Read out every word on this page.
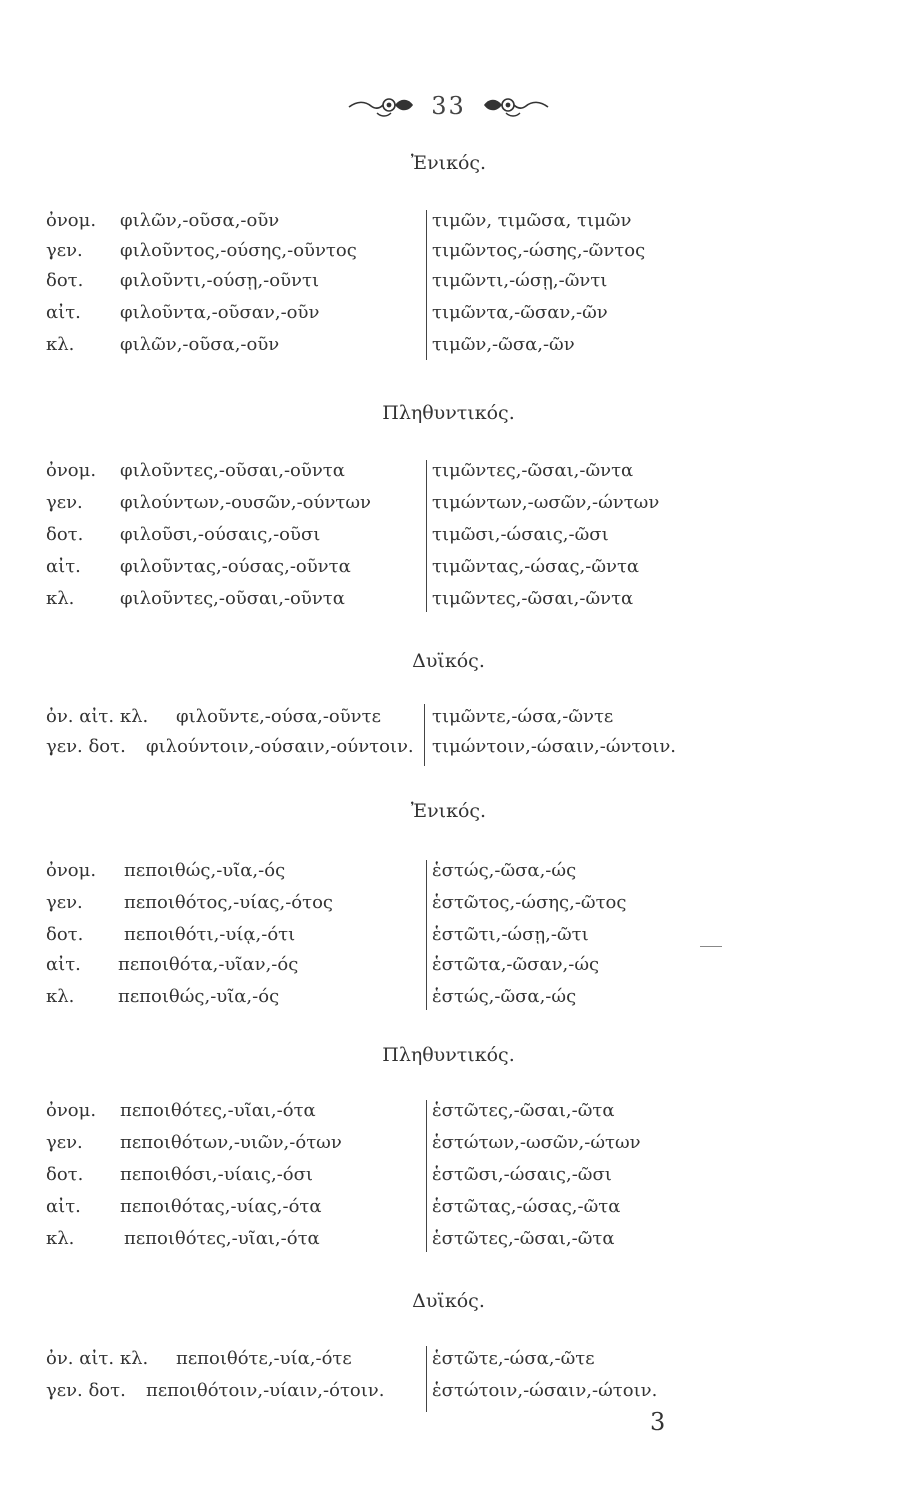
33
Ἐνικός.
ὀνομ. φιλῶν,-οῦσα,-οῦν	τιμῶν, τιμῶσα, τιμῶν
γεν. φιλοῦντος,-ούσης,-οῦντος	τιμῶντος,-ώσης,-ῶντος
δοτ. φιλοῦντι,-ούσῃ,-οῦντι	τιμῶντι,-ώσῃ,-ῶντι
αἰτ. φιλοῦντα,-οῦσαν,-οῦν	τιμῶντα,-ῶσαν,-ῶν
κλ.	φιλῶν,-οῦσα,-οῦν	τιμῶν,-ῶσα,-ῶν
Πληθυντικός.
ὀνομ. φιλοῦντες,-οῦσαι,-οῦντα	τιμῶντες,-ῶσαι,-ῶντα
γεν. φιλούντων,-ουσῶν,-ούντων	τιμώντων,-ωσῶν,-ώντων
δοτ. φιλοῦσι,-ούσαις,-οῦσι	τιμῶσι,-ώσαις,-ῶσι
αἰτ. φιλοῦντας,-ούσας,-οῦντα	τιμῶντας,-ώσας,-ῶντα
κλ.	φιλοῦντες,-οῦσαι,-οῦντα	τιμῶντες,-ῶσαι,-ῶντα
Δυϊκός.
ὀν. αἰτ. κλ. φιλοῦντε,-ούσα,-οῦντε	τιμῶντε,-ώσα,-ῶντε
γεν. δοτ. φιλούντοιν,-ούσαιν,-ούντοιν. τιμώντοιν,-ώσαιν,-ώντοιν.
Ἐνικός.
ὀνομ. πεποιθώς,-υῖα,-ός	ἑστώς,-ῶσα,-ώς
γεν. πεποιθότος,-υίας,-ότος	ἑστῶτος,-ώσης,-ῶτος
δοτ. πεποιθότι,-υίᾳ,-ότι	ἑστῶτι,-ώσῃ,-ῶτι
αἰτ. πεποιθότα,-υῖαν,-ός	ἑστῶτα,-ῶσαν,-ώς
κλ. πεποιθώς,-υῖα,-ός	ἑστώς,-ῶσα,-ώς
Πληθυντικός.
ὀνομ. πεποιθότες,-υῖαι,-ότα	ἑστῶτες,-ῶσαι,-ῶτα
γεν. πεποιθότων,-υιῶν,-ότων	ἑστώτων,-ωσῶν,-ώτων
δοτ. πεποιθόσι,-υίαις,-όσι	ἑστῶσι,-ώσαις,-ῶσι
αἰτ. πεποιθότας,-υίας,-ότα	ἑστῶτας,-ώσας,-ῶτα
κλ.	πεποιθότες,-υῖαι,-ότα	ἑστῶτες,-ῶσαι,-ῶτα
Δυϊκός.
ὀν. αἰτ. κλ. πεποιθότε,-υία,-ότε	ἑστῶτε,-ώσα,-ῶτε
γεν. δοτ. πεποιθότοιν,-υίαιν,-ότοιν.	ἑστώτοιν,-ώσαιν,-ώτοιν.
3
